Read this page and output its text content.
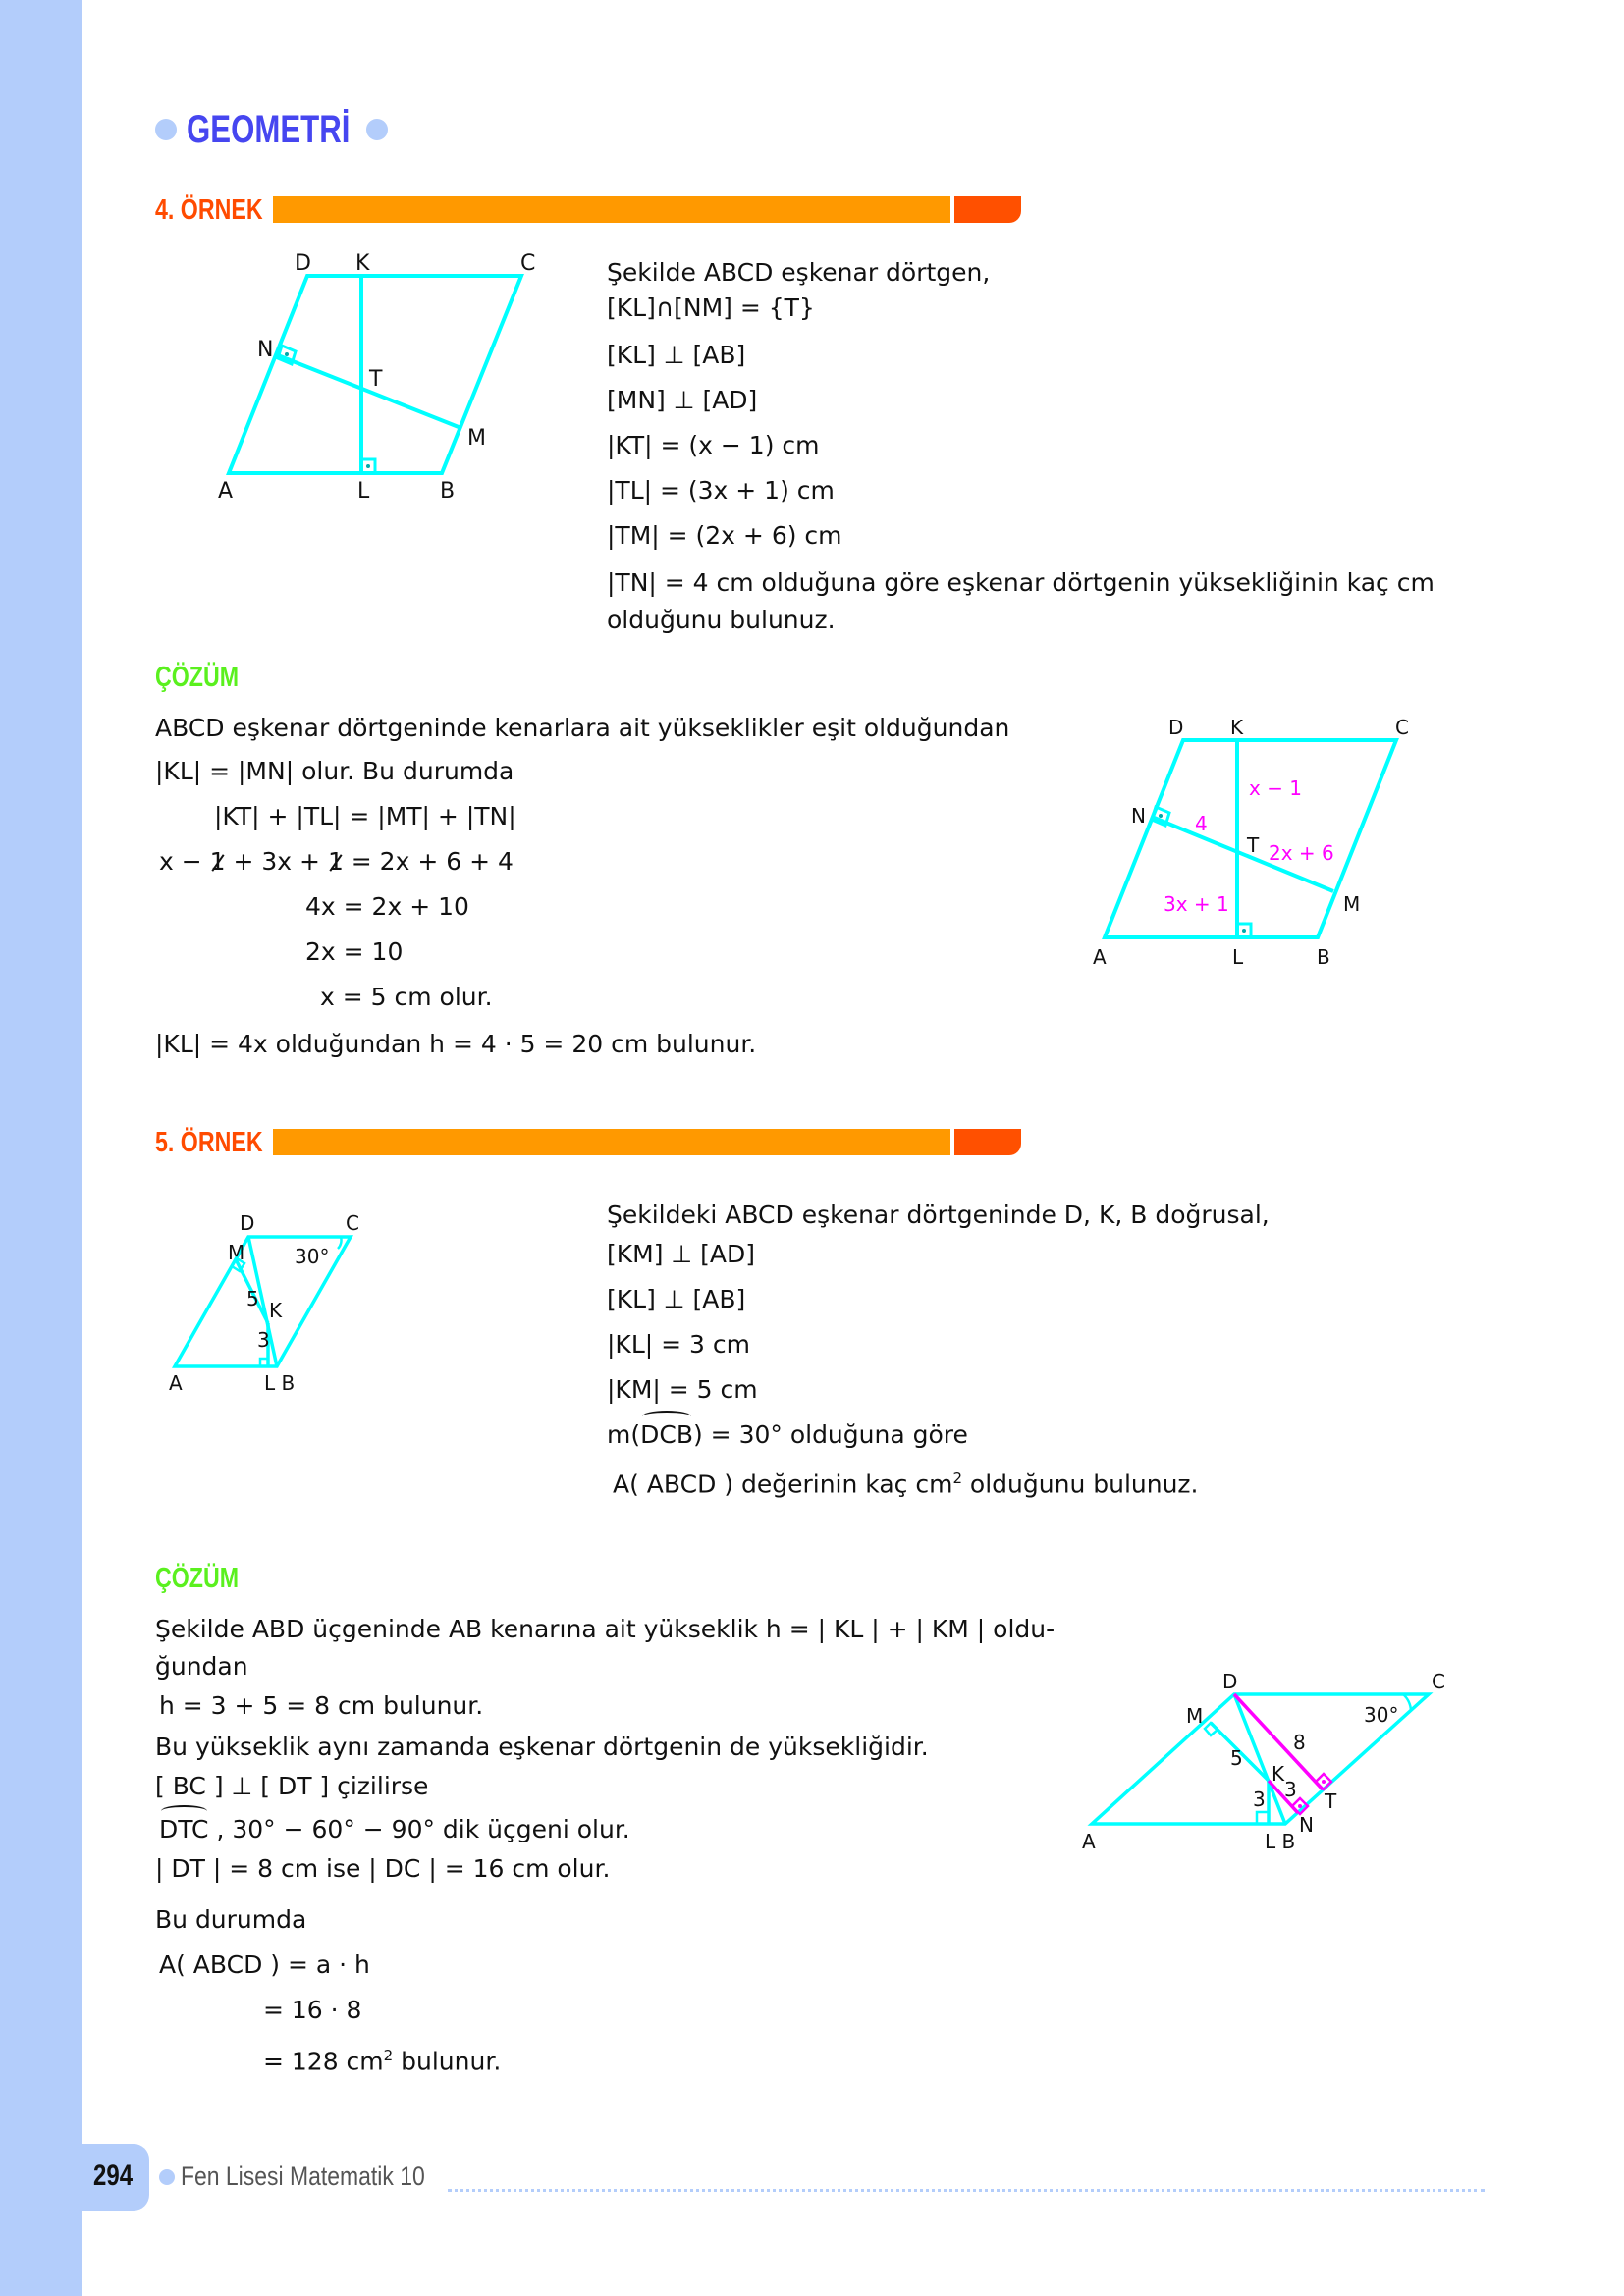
GEOMETRİ
4. ÖRNEK
D K	C
N
T
M
A	L	B
Şekilde ABCD eşkenar dörtgen,
[KL]∩[NM] = {T}
[KL] ⊥ [AB]
[MN] ⊥ [AD]
|KT| = (x − 1) cm
|TL| = (3x + 1) cm
|TM| = (2x + 6) cm
|TN| = 4 cm olduğuna göre eşkenar dörtgenin yüksekliğinin kaç cm
olduğunu bulunuz.
ÇÖZÜM
ABCD eşkenar dörtgeninde kenarlara ait yükseklikler eşit olduğundan
|KL| = |MN| olur. Bu durumda
|KT| + |TL| = |MT| + |TN|
x − 1 + 3x + 1 = 2x + 6 + 4
4x = 2x + 10
2x = 10
x = 5 cm olur.
|KL| = 4x olduğundan h = 4 · 5 = 20 cm bulunur.
D K	C
N
T
M
A	L	B
x − 1
4
2x + 6
3x + 1
5. ÖRNEK
D	C
M	30°
5 K
3
A	L B
Şekildeki ABCD eşkenar dörtgeninde D, K, B doğrusal,
[KM] ⊥ [AD]
[KL] ⊥ [AB]
|KL| = 3 cm
|KM| = 5 cm
m(DCB) = 30° olduğuna göre
A( ABCD ) değerinin kaç $cm^2$ olduğunu bulunuz.
ÇÖZÜM
Şekilde ABD üçgeninde AB kenarına ait yükseklik h = | KL | + | KM | oldu-
ğundan
h = 3 + 5 = 8 cm bulunur.
Bu yükseklik aynı zamanda eşkenar dörtgenin de yüksekliğidir.
[ BC ] ⊥ [ DT ] çizilirse
DTC , 30° − 60° − 90° dik üçgeni olur.
| DT | = 8 cm ise | DC | = 16 cm olur.
Bu durumda
A( ABCD ) = a · h
= 16 · 8
= 128 $cm^2$ bulunur.
D	C
M	30°
5
8
K
3
3	T
N
A	L B
294 Fen Lisesi Matematik 10
